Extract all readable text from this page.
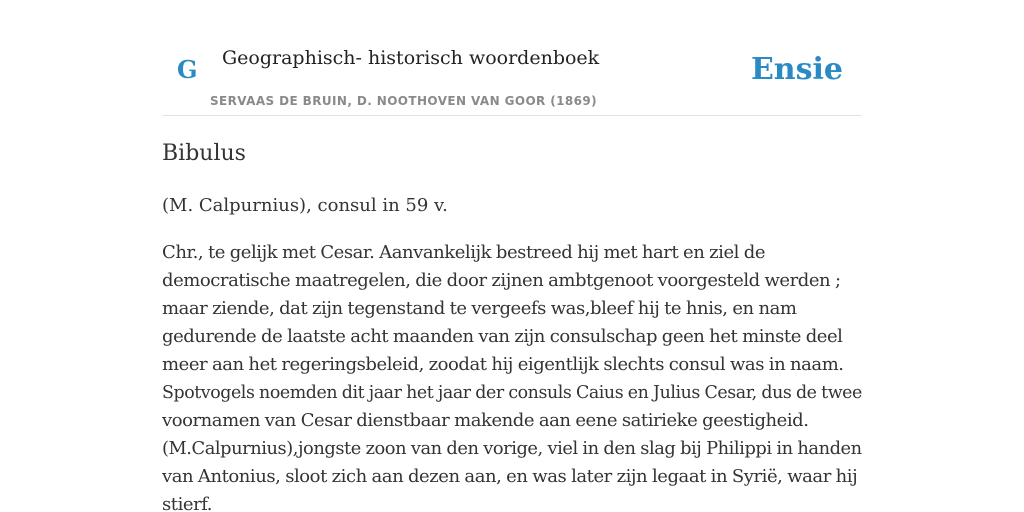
G Geographisch- historisch woordenboek
SERVAAS DE BRUIN, D. NOOTHOVEN VAN GOOR (1869)
Ensie
Bibulus

(M. Calpurnius), consul in 59 v.

Chr., te gelijk met Cesar. Aanvankelijk bestreed hij met hart en ziel de
democratische maatregelen, die door zijnen ambtgenoot voorgesteld werden ;
maar ziende, dat zijn tegenstand te vergeefs was,bleef hij te hnis, en nam
gedurende de laatste acht maanden van zijn consulschap geen het minste deel
meer aan het regeringsbeleid, zoodat hij eigentlijk slechts consul was in naam.
Spotvogels noemden dit jaar het jaar der consuls Caius en Julius Cesar, dus de twee
voornamen van Cesar dienstbaar makende aan eene satirieke geestigheid.
(M.Calpurnius),jongste zoon van den vorige, viel in den slag bij Philippi in handen
van Antonius, sloot zich aan dezen aan, en was later zijn legaat in Syrië, waar hij
stierf.
